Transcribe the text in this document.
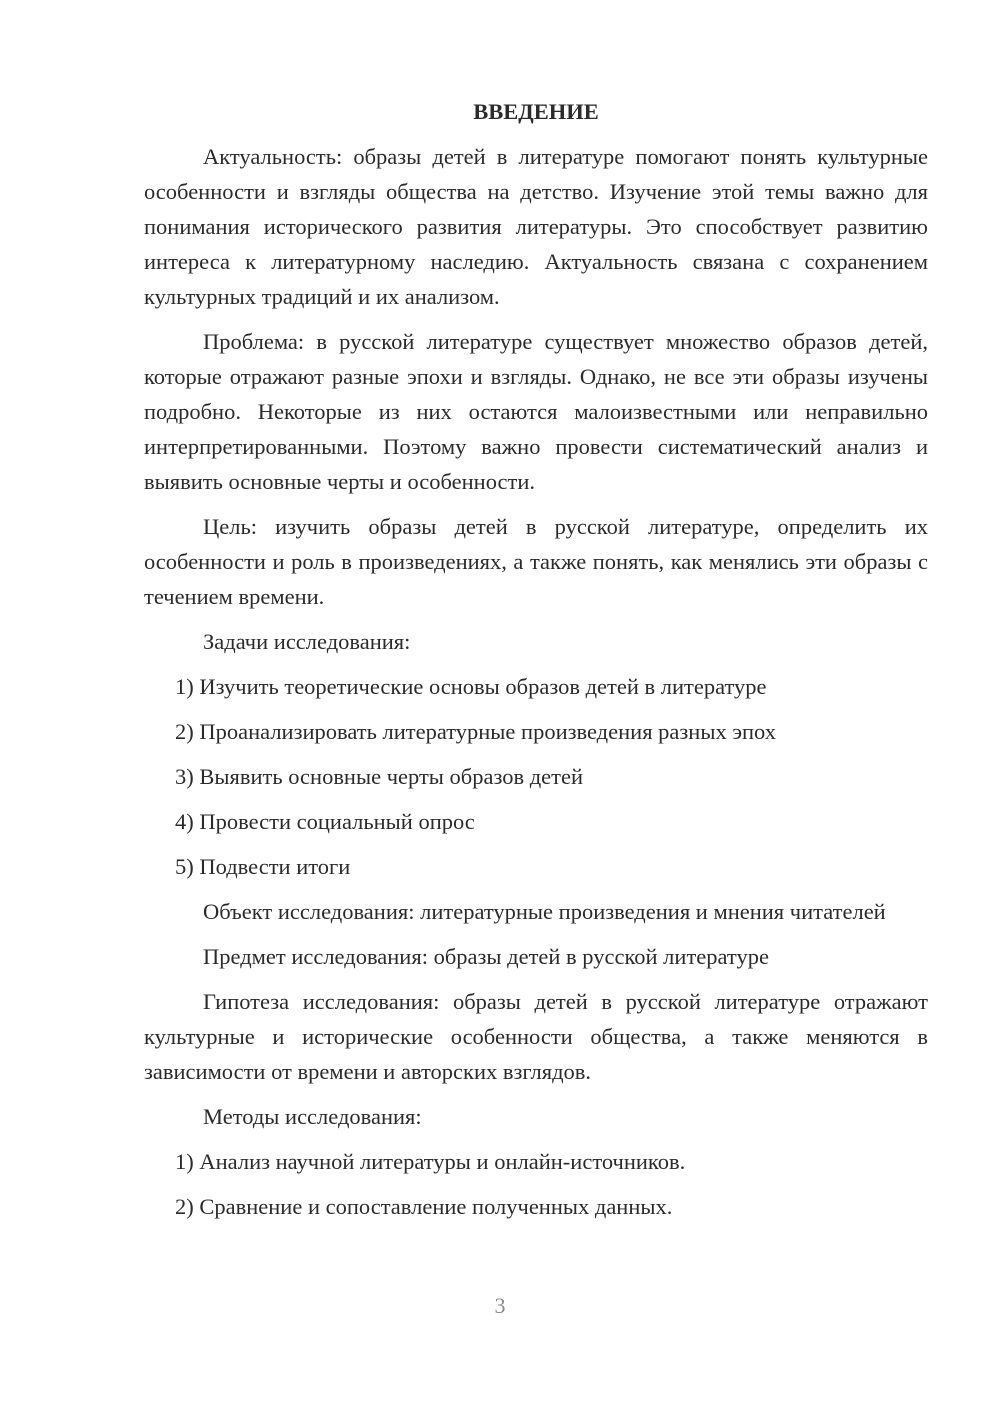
ВВЕДЕНИЕ

Актуальность: образы детей в литературе помогают понять культурные особенности и взгляды общества на детство. Изучение этой темы важно для понимания исторического развития литературы. Это способствует развитию интереса к литературному наследию. Актуальность связана с сохранением культурных традиций и их анализом.

Проблема: в русской литературе существует множество образов детей, которые отражают разные эпохи и взгляды. Однако, не все эти образы изучены подробно. Некоторые из них остаются малоизвестными или неправильно интерпретированными. Поэтому важно провести систематический анализ и выявить основные черты и особенности.

Цель: изучить образы детей в русской литературе, определить их особенности и роль в произведениях, а также понять, как менялись эти образы с течением времени.

Задачи исследования:

1) Изучить теоретические основы образов детей в литературе

2) Проанализировать литературные произведения разных эпох

3) Выявить основные черты образов детей

4) Провести социальный опрос

5) Подвести итоги

Объект исследования: литературные произведения и мнения читателей

Предмет исследования: образы детей в русской литературе

Гипотеза исследования: образы детей в русской литературе отражают культурные и исторические особенности общества, а также меняются в зависимости от времени и авторских взглядов.

Методы исследования:

1) Анализ научной литературы и онлайн-источников.

2) Сравнение и сопоставление полученных данных.

3
